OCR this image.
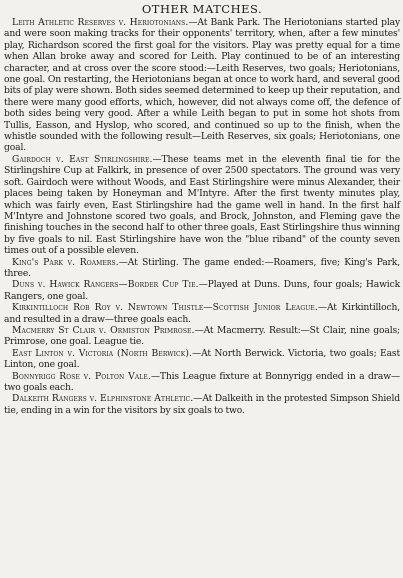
OTHER MATCHES.

Leith Athletic Reserves v. Heriotonians.—At Bank Park. The Heriotonians started play and were soon making tracks for their opponents' territory, when, after a few minutes' play, Richardson scored the first goal for the visitors. Play was pretty equal for a time when Allan broke away and scored for Leith. Play continued to be of an interesting character, and at cross over the score stood:—Leith Reserves, two goals; Heriotonians, one goal. On restarting, the Heriotonians began at once to work hard, and several good bits of play were shown. Both sides seemed determined to keep up their reputation, and there were many good efforts, which, however, did not always come off, the defence of both sides being very good. After a while Leith began to put in some hot shots from Tullis, Easson, and Hyslop, who scored, and continued so up to the finish, when the whistle sounded with the following result—Leith Reserves, six goals; Heriotonians, one goal.

Gairdoch v. East Stirlingshire.—These teams met in the eleventh final tie for the Stirlingshire Cup at Falkirk, in presence of over 2500 spectators. The ground was very soft. Gairdoch were without Woods, and East Stirlingshire were minus Alexander, their places being taken by Honeyman and M'Intyre. After the first twenty minutes play, which was fairly even, East Stirlingshire had the game well in hand. In the first half M'Intyre and Johnstone scored two goals, and Brock, Johnston, and Fleming gave the finishing touches in the second half to other three goals, East Stirlingshire thus winning by five goals to nil. East Stirlingshire have won the "blue riband" of the county seven times out of a possible eleven.

King's Park v. Roamers.—At Stirling. The game ended:—Roamers, five; King's Park, three.

Duns v. Hawick Rangers—Border Cup Tie.—Played at Duns. Duns, four goals; Hawick Rangers, one goal.

Kirkintilloch Rob Roy v. Newtown Thistle—Scottish Junior League.—At Kirkintilloch, and resulted in a draw—three goals each.

Macmerry St Clair v. Ormiston Primrose.—At Macmerry. Result:—St Clair, nine goals; Primrose, one goal. League tie.

East Linton v. Victoria (North Berwick).—At North Berwick. Victoria, two goals; East Linton, one goal.

Bonnyrigg Rose v. Polton Vale.—This League fixture at Bonnyrigg ended in a draw—two goals each.

Dalkeith Rangers v. Elphinstone Athletic.—At Dalkeith in the protested Simpson Shield tie, ending in a win for the visitors by six goals to two.
